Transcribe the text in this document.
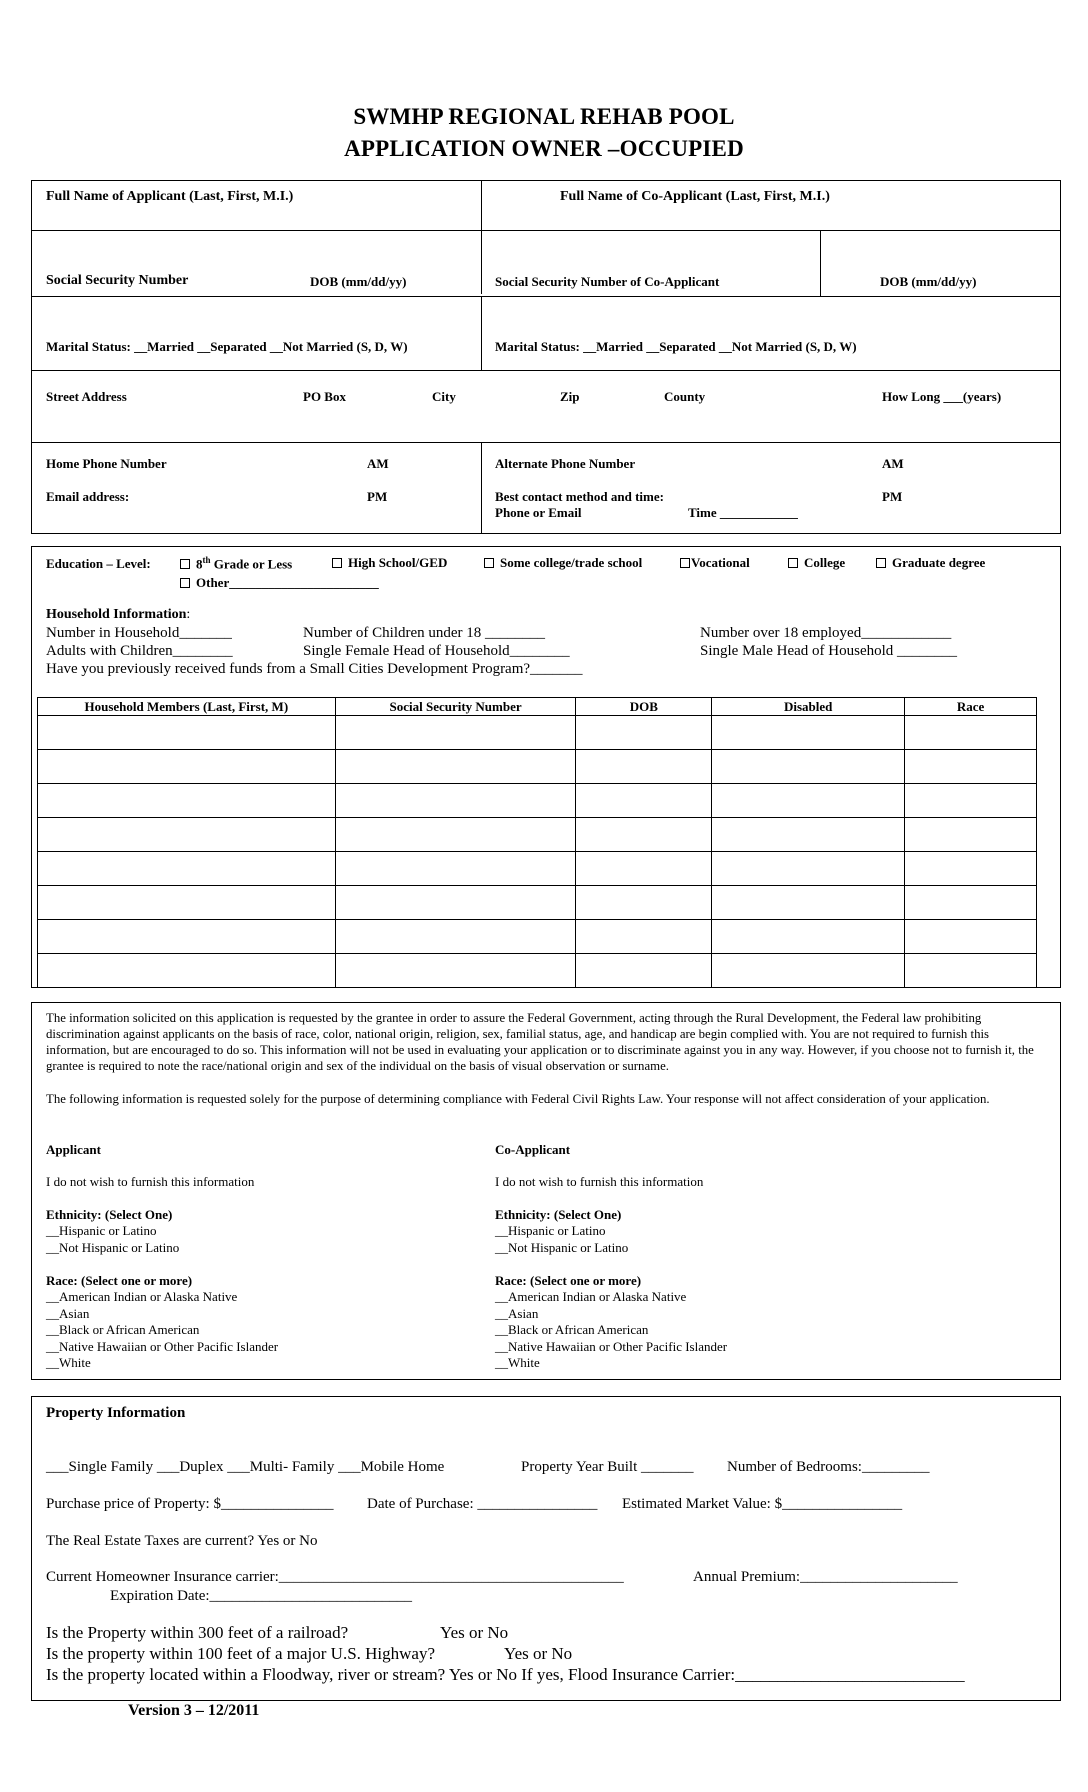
SWMHP REGIONAL REHAB POOL
APPLICATION OWNER –OCCUPIED
Full Name of Applicant (Last, First, M.I.)	Full Name of Co-Applicant (Last, First, M.I.)
Social Security Number	DOB (mm/dd/yy)	Social Security Number of Co-Applicant	DOB (mm/dd/yy)
Marital Status: __Married __Separated __Not Married (S, D, W)	Marital Status: __Married __Separated __Not Married (S, D, W)
Street Address	PO Box	City	Zip	County	How Long ___(years)
Home Phone Number	AM
Email address:	PM
Alternate Phone Number	AM
Best contact method and time:	PM
Phone or Email	Time ____________
Education – Level:	8th Grade or Less	High School/GED	Some college/trade school	Vocational	College	Graduate degree
Other_______________________
Household Information:
Number in Household_______	Number of Children under 18 ________	Number over 18 employed____________
Adults with Children________	Single Female Head of Household________	Single Male Head of Household ________
Have you previously received funds from a Small Cities Development Program?_______
Household Members (Last, First, M)	Social Security Number	DOB	Disabled	Race

The information solicited on this application is requested by the grantee in order to assure the Federal Government, acting through the Rural Development, the Federal law prohibiting discrimination against applicants on the basis of race, color, national origin, religion, sex, familial status, age, and handicap are begin complied with. You are not required to furnish this information, but are encouraged to do so. This information will not be used in evaluating your application or to discriminate against you in any way. However, if you choose not to furnish it, the grantee is required to note the race/national origin and sex of the individual on the basis of visual observation or surname.
The following information is requested solely for the purpose of determining compliance with Federal Civil Rights Law. Your response will not affect consideration of your application.
Applicant
I do not wish to furnish this information
Ethnicity: (Select One)
__Hispanic or Latino
__Not Hispanic or Latino
Race: (Select one or more)
__American Indian or Alaska Native
__Asian
__Black or African American
__Native Hawaiian or Other Pacific Islander
__White
Co-Applicant
I do not wish to furnish this information
Ethnicity: (Select One)
__Hispanic or Latino
__Not Hispanic or Latino
Race: (Select one or more)
__American Indian or Alaska Native
__Asian
__Black or African American
__Native Hawaiian or Other Pacific Islander
__White
Property Information
___Single Family ___Duplex ___Multi- Family ___Mobile Home	Property Year Built _______ Number of Bedrooms:_________
Purchase price of Property: $_______________ Date of Purchase: ________________ Estimated Market Value: $________________
The Real Estate Taxes are current? Yes or No
Current Homeowner Insurance carrier:______________________________________________	Annual Premium:_____________________
Expiration Date:___________________________
Is the Property within 300 feet of a railroad?	Yes or No
Is the property within 100 feet of a major U.S. Highway?	Yes or No
Is the property located within a Floodway, river or stream? Yes or No If yes, Flood Insurance Carrier:___________________________
Version 3 – 12/2011
